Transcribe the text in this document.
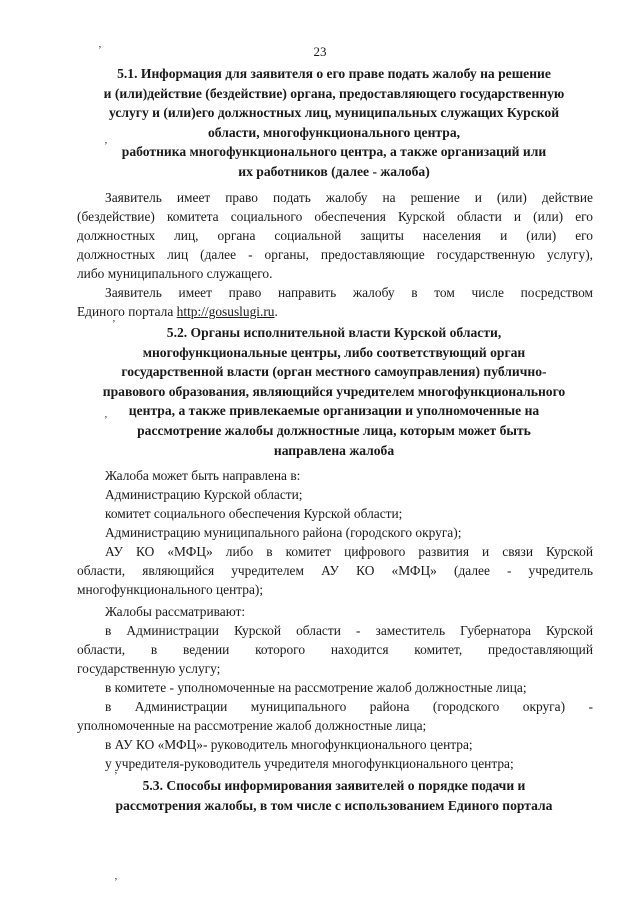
23
ʼ
ʼ
ʼ
ʼ
ʼ
ʼ
5.1. Информация для заявителя о его праве подать жалобу на решение
и (или)действие (бездействие) органа, предоставляющего государственную
услугу и (или)его должностных лиц, муниципальных служащих Курской
области, многофункционального центра,
работника многофункционального центра, а также организаций или
их работников (далее - жалоба)
Заявитель имеет право подать жалобу на решение и (или) действие
(бездействие) комитета социального обеспечения Курской области и (или) его
должностных лиц, органа социальной защиты населения и (или) его
должностных лиц (далее - органы, предоставляющие государственную услугу),
либо муниципального служащего.
Заявитель имеет право направить жалобу в том числе посредством
Единого портала http://gosuslugi.ru.
5.2. Органы исполнительной власти Курской области,
многофункциональные центры, либо соответствующий орган
государственной власти (орган местного самоуправления) публично-
правового образования, являющийся учредителем многофункционального
центра, а также привлекаемые организации и уполномоченные на
рассмотрение жалобы должностные лица, которым может быть
направлена жалоба
Жалоба может быть направлена в:
Администрацию Курской области;
комитет социального обеспечения Курской области;
Администрацию муниципального района (городского округа);
АУ КО «МФЦ» либо в комитет цифрового развития и связи Курской
области, являющийся учредителем АУ КО «МФЦ» (далее - учредитель
многофункционального центра);
Жалобы рассматривают:
в Администрации Курской области - заместитель Губернатора Курской
области, в ведении которого находится комитет, предоставляющий
государственную услугу;
в комитете - уполномоченные на рассмотрение жалоб должностные лица;
в Администрации муниципального района (городского округа) -
уполномоченные на рассмотрение жалоб должностные лица;
в АУ КО «МФЦ»- руководитель многофункционального центра;
у учредителя-руководитель учредителя многофункционального центра;
5.3. Способы информирования заявителей о порядке подачи и
рассмотрения жалобы, в том числе с использованием Единого портала
